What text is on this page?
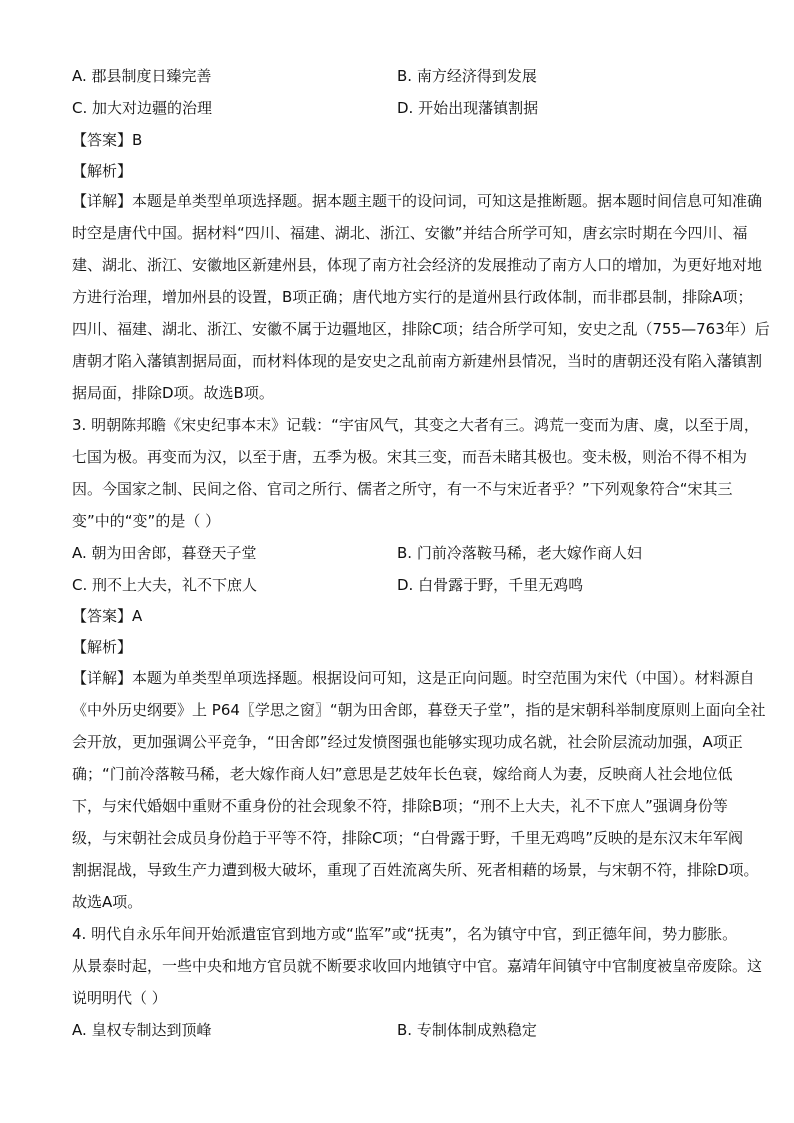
A. 郡县制度日臻完善	B. 南方经济得到发展
C. 加大对边疆的治理	D. 开始出现藩镇割据
【答案】B
【解析】
【详解】本题是单类型单项选择题。据本题主题干的设问词，可知这是推断题。据本题时间信息可知准确
时空是唐代中国。据材料“四川、福建、湖北、浙江、安徽”并结合所学可知，唐玄宗时期在今四川、福
建、湖北、浙江、安徽地区新建州县，体现了南方社会经济的发展推动了南方人口的增加，为更好地对地
方进行治理，增加州县的设置，B项正确；唐代地方实行的是道州县行政体制，而非郡县制，排除A项；
四川、福建、湖北、浙江、安徽不属于边疆地区，排除C项；结合所学可知，安史之乱（755—763年）后
唐朝才陷入藩镇割据局面，而材料体现的是安史之乱前南方新建州县情况，当时的唐朝还没有陷入藩镇割
据局面，排除D项。故选B项。
3. 明朝陈邦瞻《宋史纪事本末》记载：“宇宙风气，其变之大者有三。鸿荒一变而为唐、虞，以至于周，
七国为极。再变而为汉，以至于唐，五季为极。宋其三变，而吾未睹其极也。变未极，则治不得不相为
因。今国家之制、民间之俗、官司之所行、儒者之所守，有一不与宋近者乎？”下列观象符合“宋其三
变”中的“变”的是（ ）
A. 朝为田舍郎，暮登天子堂	B. 门前冷落鞍马稀，老大嫁作商人妇
C. 刑不上大夫，礼不下庶人	D. 白骨露于野，千里无鸡鸣
【答案】A
【解析】
【详解】本题为单类型单项选择题。根据设问可知，这是正向问题。时空范围为宋代（中国）。材料源自
《中外历史纲要》上 P64〖学思之窗〗“朝为田舍郎，暮登天子堂”，指的是宋朝科举制度原则上面向全社
会开放，更加强调公平竞争，“田舍郎”经过发愤图强也能够实现功成名就，社会阶层流动加强，A项正
确；“门前冷落鞍马稀，老大嫁作商人妇”意思是艺妓年长色衰，嫁给商人为妻，反映商人社会地位低
下，与宋代婚姻中重财不重身份的社会现象不符，排除B项；“刑不上大夫，礼不下庶人”强调身份等
级，与宋朝社会成员身份趋于平等不符，排除C项；“白骨露于野，千里无鸡鸣”反映的是东汉末年军阀
割据混战，导致生产力遭到极大破坏，重现了百姓流离失所、死者相藉的场景，与宋朝不符，排除D项。
故选A项。
4. 明代自永乐年间开始派遣宦官到地方或“监军”或“抚夷”，名为镇守中官，到正德年间，势力膨胀。
从景泰时起，一些中央和地方官员就不断要求收回内地镇守中官。嘉靖年间镇守中官制度被皇帝废除。这
说明明代（ ）
A. 皇权专制达到顶峰	B. 专制体制成熟稳定
